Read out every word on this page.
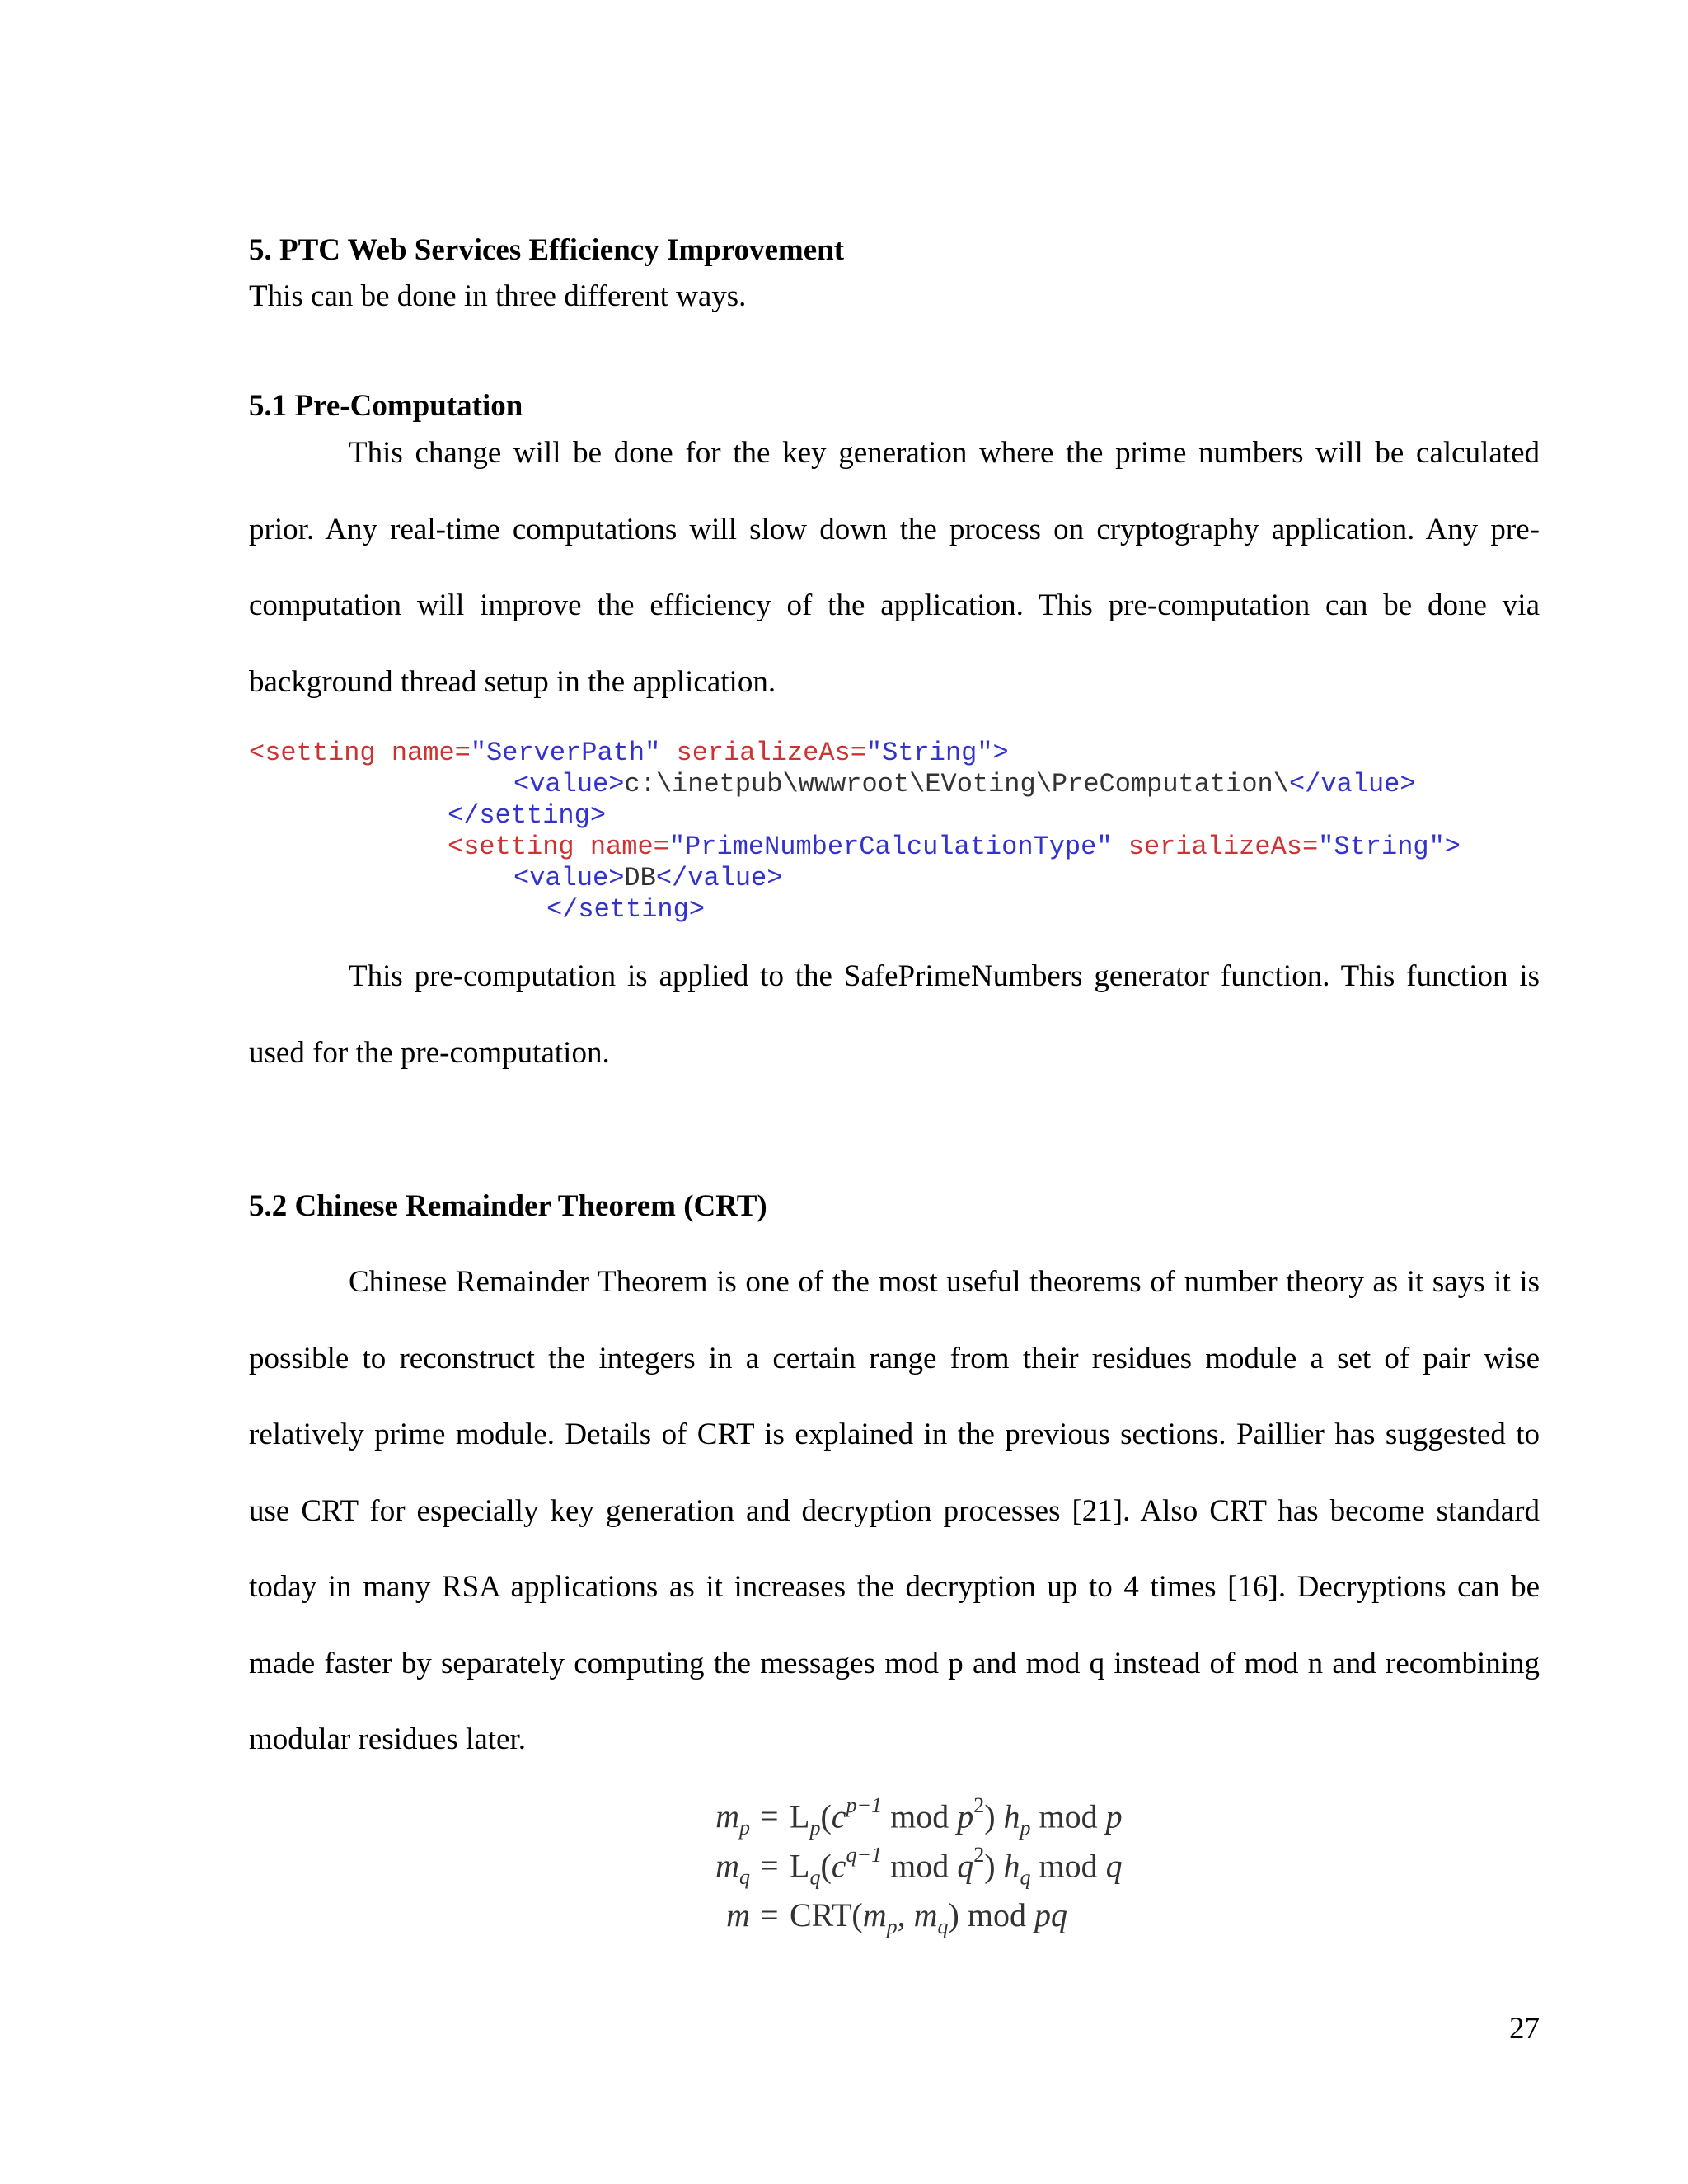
5. PTC Web Services Efficiency Improvement
This can be done in three different ways.
5.1 Pre-Computation

This change will be done for the key generation where the prime numbers will be calculated prior. Any real-time computations will slow down the process on cryptography application. Any pre-computation will improve the efficiency of the application. This pre-computation can be done via background thread setup in the application.

<setting name="ServerPath" serializeAs="String">

<value>c:\inetpub\wwwroot\EVoting\PreComputation\</value>

</setting>

<setting name="PrimeNumberCalculationType" serializeAs="String">

<value>DB</value>

</setting>

This pre-computation is applied to the SafePrimeNumbers generator function. This function is used for the pre-computation.

5.2 Chinese Remainder Theorem (CRT)

Chinese Remainder Theorem is one of the most useful theorems of number theory as it says it is possible to reconstruct the integers in a certain range from their residues module a set of pair wise relatively prime module. Details of CRT is explained in the previous sections. Paillier has suggested to use CRT for especially key generation and decryption processes [21]. Also CRT has become standard today in many RSA applications as it increases the decryption up to 4 times [16]. Decryptions can be made faster by separately computing the messages mod p and mod q instead of mod n and recombining modular residues later.

$m_p = L_p(c^{p-1}$ mod $p^2$) $h_p$ mod p
$m_q = L_q(c^{q-1}$ mod $q^2$) $h_q$ mod q
$m = CRT(m_p$, $m_q$) mod pq
27
